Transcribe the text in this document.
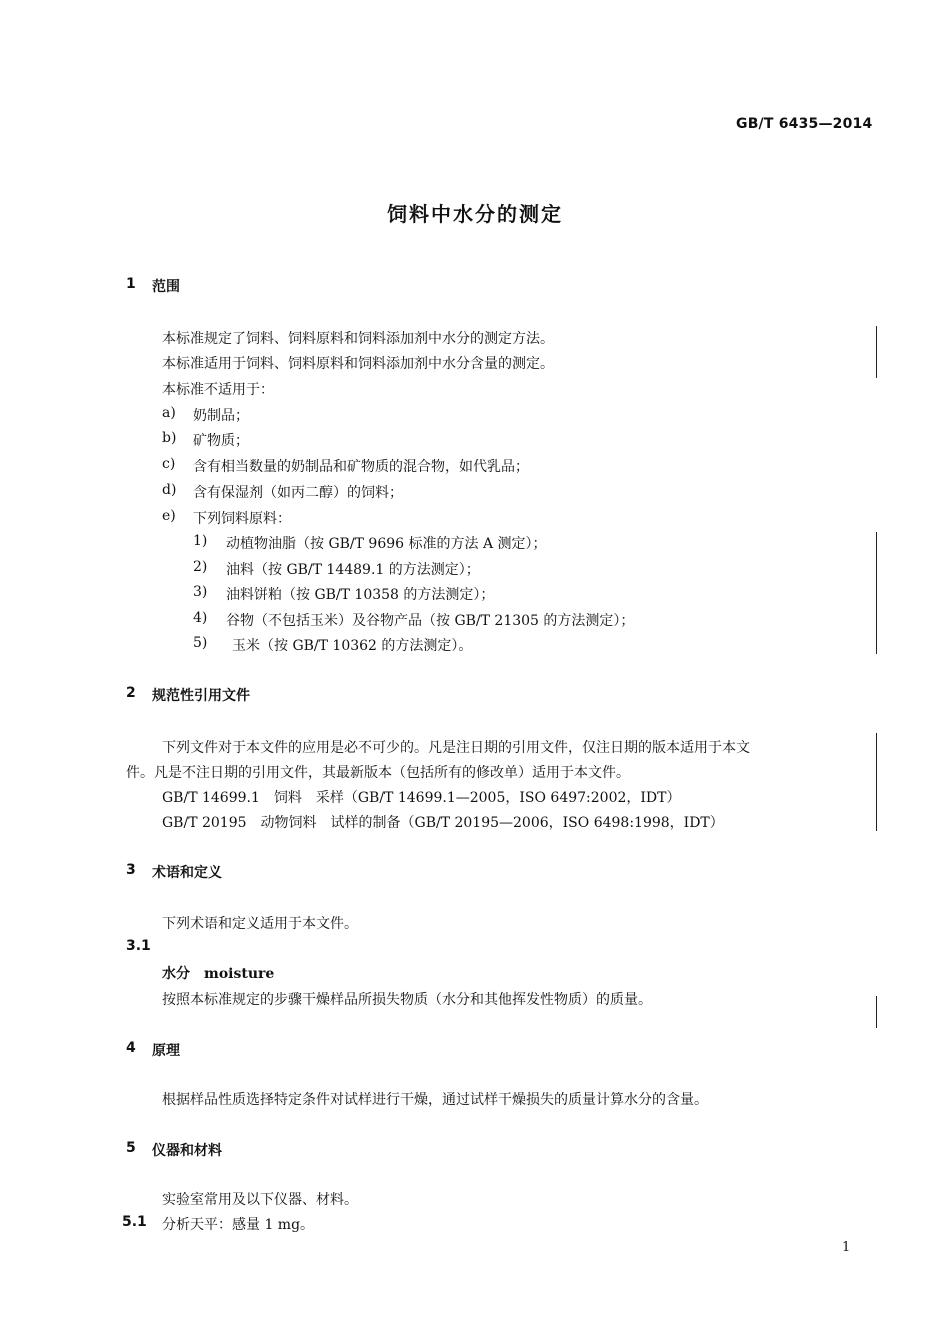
GB/T 6435—2014
饲料中水分的测定
1 范围
本标准规定了饲料、饲料原料和饲料添加剂中水分的测定方法。
本标准适用于饲料、饲料原料和饲料添加剂中水分含量的测定。
本标准不适用于：
a) 奶制品；
b) 矿物质；
c) 含有相当数量的奶制品和矿物质的混合物，如代乳品；
d) 含有保湿剂（如丙二醇）的饲料；
e) 下列饲料原料：
1) 动植物油脂（按 GB/T 9696 标准的方法 A 测定）；
2) 油料（按 GB/T 14489.1 的方法测定）；
3) 油料饼粕（按 GB/T 10358 的方法测定）；
4) 谷物（不包括玉米）及谷物产品（按 GB/T 21305 的方法测定）；
5) 玉米（按 GB/T 10362 的方法测定）。
2 规范性引用文件
下列文件对于本文件的应用是必不可少的。凡是注日期的引用文件，仅注日期的版本适用于本文
件。凡是不注日期的引用文件，其最新版本（包括所有的修改单）适用于本文件。
GB/T 14699.1　饲料　采样（GB/T 14699.1—2005，ISO 6497:2002，IDT）
GB/T 20195　动物饲料　试样的制备（GB/T 20195—2006，ISO 6498:1998，IDT）
3 术语和定义
下列术语和定义适用于本文件。
3.1
水分　moisture
按照本标准规定的步骤干燥样品所损失物质（水分和其他挥发性物质）的质量。
4 原理
根据样品性质选择特定条件对试样进行干燥，通过试样干燥损失的质量计算水分的含量。
5 仪器和材料
实验室常用及以下仪器、材料。
5.1 分析天平：感量 1 mg。
1
